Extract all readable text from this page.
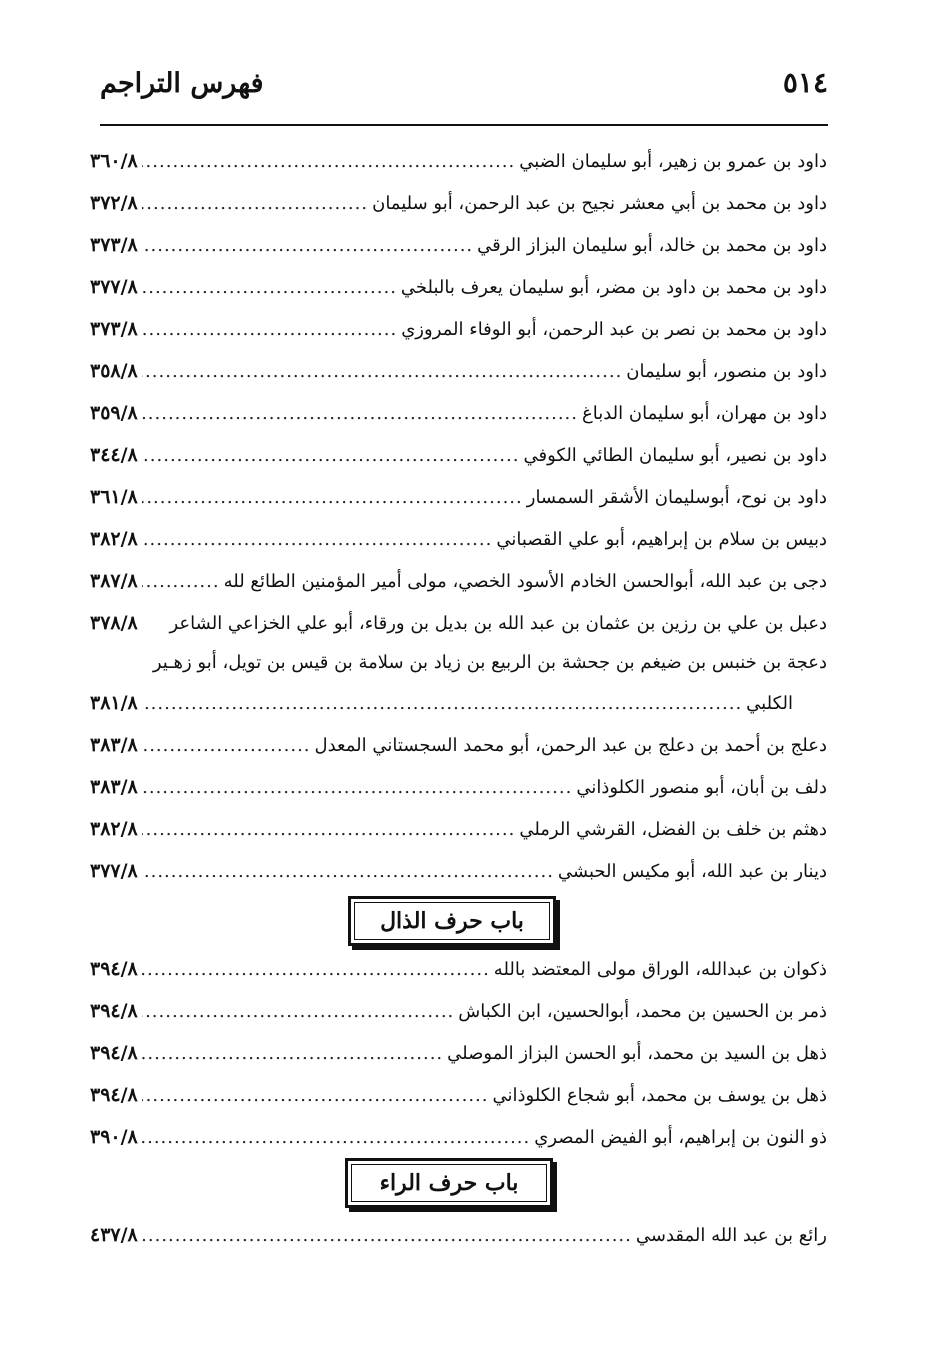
فهرس التراجم	٥١٤
داود بن عمرو بن زهير، أبو سليمان الضبي
.....
٣٦٠/٨
داود بن محمد بن أبي معشر نجيح بن عبد الرحمن، أبو سليمان
.....
٣٧٢/٨
داود بن محمد بن خالد، أبو سليمان البزاز الرقي
.....
٣٧٣/٨
داود بن محمد بن داود بن مضر، أبو سليمان يعرف بالبلخي
.....
٣٧٧/٨
داود بن محمد بن نصر بن عبد الرحمن، أبو الوفاء المروزي
.....
٣٧٣/٨
داود بن منصور، أبو سليمان
.....
٣٥٨/٨
داود بن مهران، أبو سليمان الدباغ
.....
٣٥٩/٨
داود بن نصير، أبو سليمان الطائي الكوفي
.....
٣٤٤/٨
داود بن نوح، أبوسليمان الأشقر السمسار
.....
٣٦١/٨
دبيس بن سلام بن إبراهيم، أبو علي القصباني
.....
٣٨٢/٨
دجى بن عبد الله، أبوالحسن الخادم الأسود الخصي، مولى أمير المؤمنين الطائع لله
.....
٣٨٧/٨
دعبل بن علي بن رزين بن عثمان بن عبد الله بن بديل بن ورقاء، أبو علي الخزاعي الشاعر
٣٧٨/٨
دعجة بن خنبس بن ضيغم بن جحشة بن الربيع بن زياد بن سلامة بن قيس بن تويل، أبو زهـير
الكلبي
.....
٣٨١/٨
دعلج بن أحمد بن دعلج بن عبد الرحمن، أبو محمد السجستاني المعدل
.....
٣٨٣/٨
دلف بن أبان، أبو منصور الكلوذاني
.....
٣٨٣/٨
دهثم بن خلف بن الفضل، القرشي الرملي
.....
٣٨٢/٨
دينار بن عبد الله، أبو مكيس الحبشي
.....
٣٧٧/٨
باب حرف الذال
ذكوان بن عبدالله، الوراق مولى المعتضد بالله
.....
٣٩٤/٨
ذمر بن الحسين بن محمد، أبوالحسين، ابن الكباش
.....
٣٩٤/٨
ذهل بن السيد بن محمد، أبو الحسن البزاز الموصلي
.....
٣٩٤/٨
ذهل بن يوسف بن محمد، أبو شجاع الكلوذاني
.....
٣٩٤/٨
ذو النون بن إبراهيم، أبو الفيض المصري
.....
٣٩٠/٨
باب حرف الراء
رائع بن عبد الله المقدسي
.....
٤٣٧/٨
